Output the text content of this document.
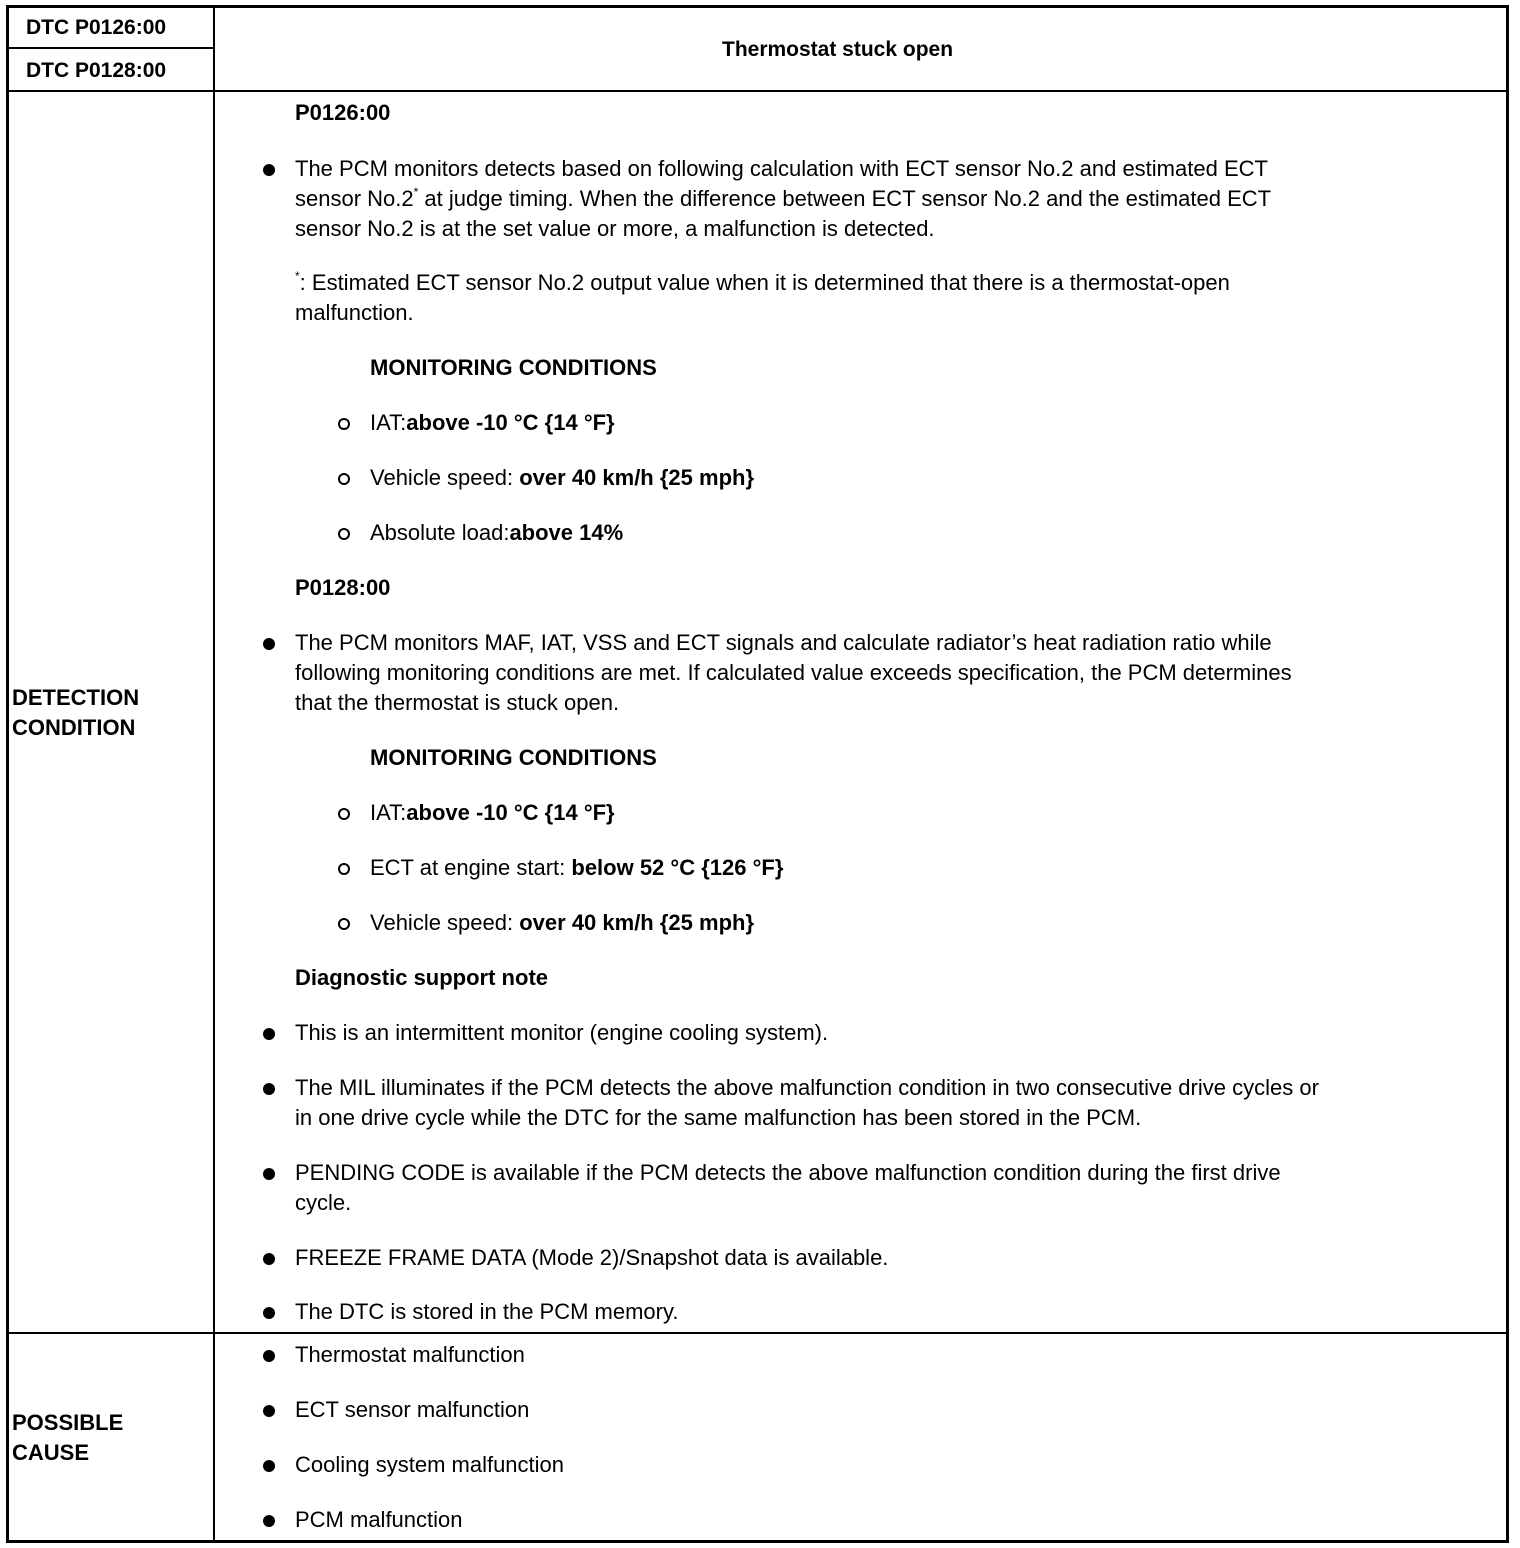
DTC P0126:00
DTC P0128:00
Thermostat stuck open
DETECTION
CONDITION
P0126:00
The PCM monitors detects based on following calculation with ECT sensor No.2 and estimated ECT
sensor No.2* at judge timing. When the difference between ECT sensor No.2 and the estimated ECT
sensor No.2 is at the set value or more, a malfunction is detected.
*: Estimated ECT sensor No.2 output value when it is determined that there is a thermostat-open
malfunction.
MONITORING CONDITIONS
IAT:above -10 °C {14 °F}
Vehicle speed: over 40 km/h {25 mph}
Absolute load:above 14%
P0128:00
The PCM monitors MAF, IAT, VSS and ECT signals and calculate radiator’s heat radiation ratio while
following monitoring conditions are met. If calculated value exceeds specification, the PCM determines
that the thermostat is stuck open.
MONITORING CONDITIONS
IAT:above -10 °C {14 °F}
ECT at engine start: below 52 °C {126 °F}
Vehicle speed: over 40 km/h {25 mph}
Diagnostic support note
This is an intermittent monitor (engine cooling system).
The MIL illuminates if the PCM detects the above malfunction condition in two consecutive drive cycles or
in one drive cycle while the DTC for the same malfunction has been stored in the PCM.
PENDING CODE is available if the PCM detects the above malfunction condition during the first drive
cycle.
FREEZE FRAME DATA (Mode 2)/Snapshot data is available.
The DTC is stored in the PCM memory.
POSSIBLE
CAUSE
Thermostat malfunction
ECT sensor malfunction
Cooling system malfunction
PCM malfunction
